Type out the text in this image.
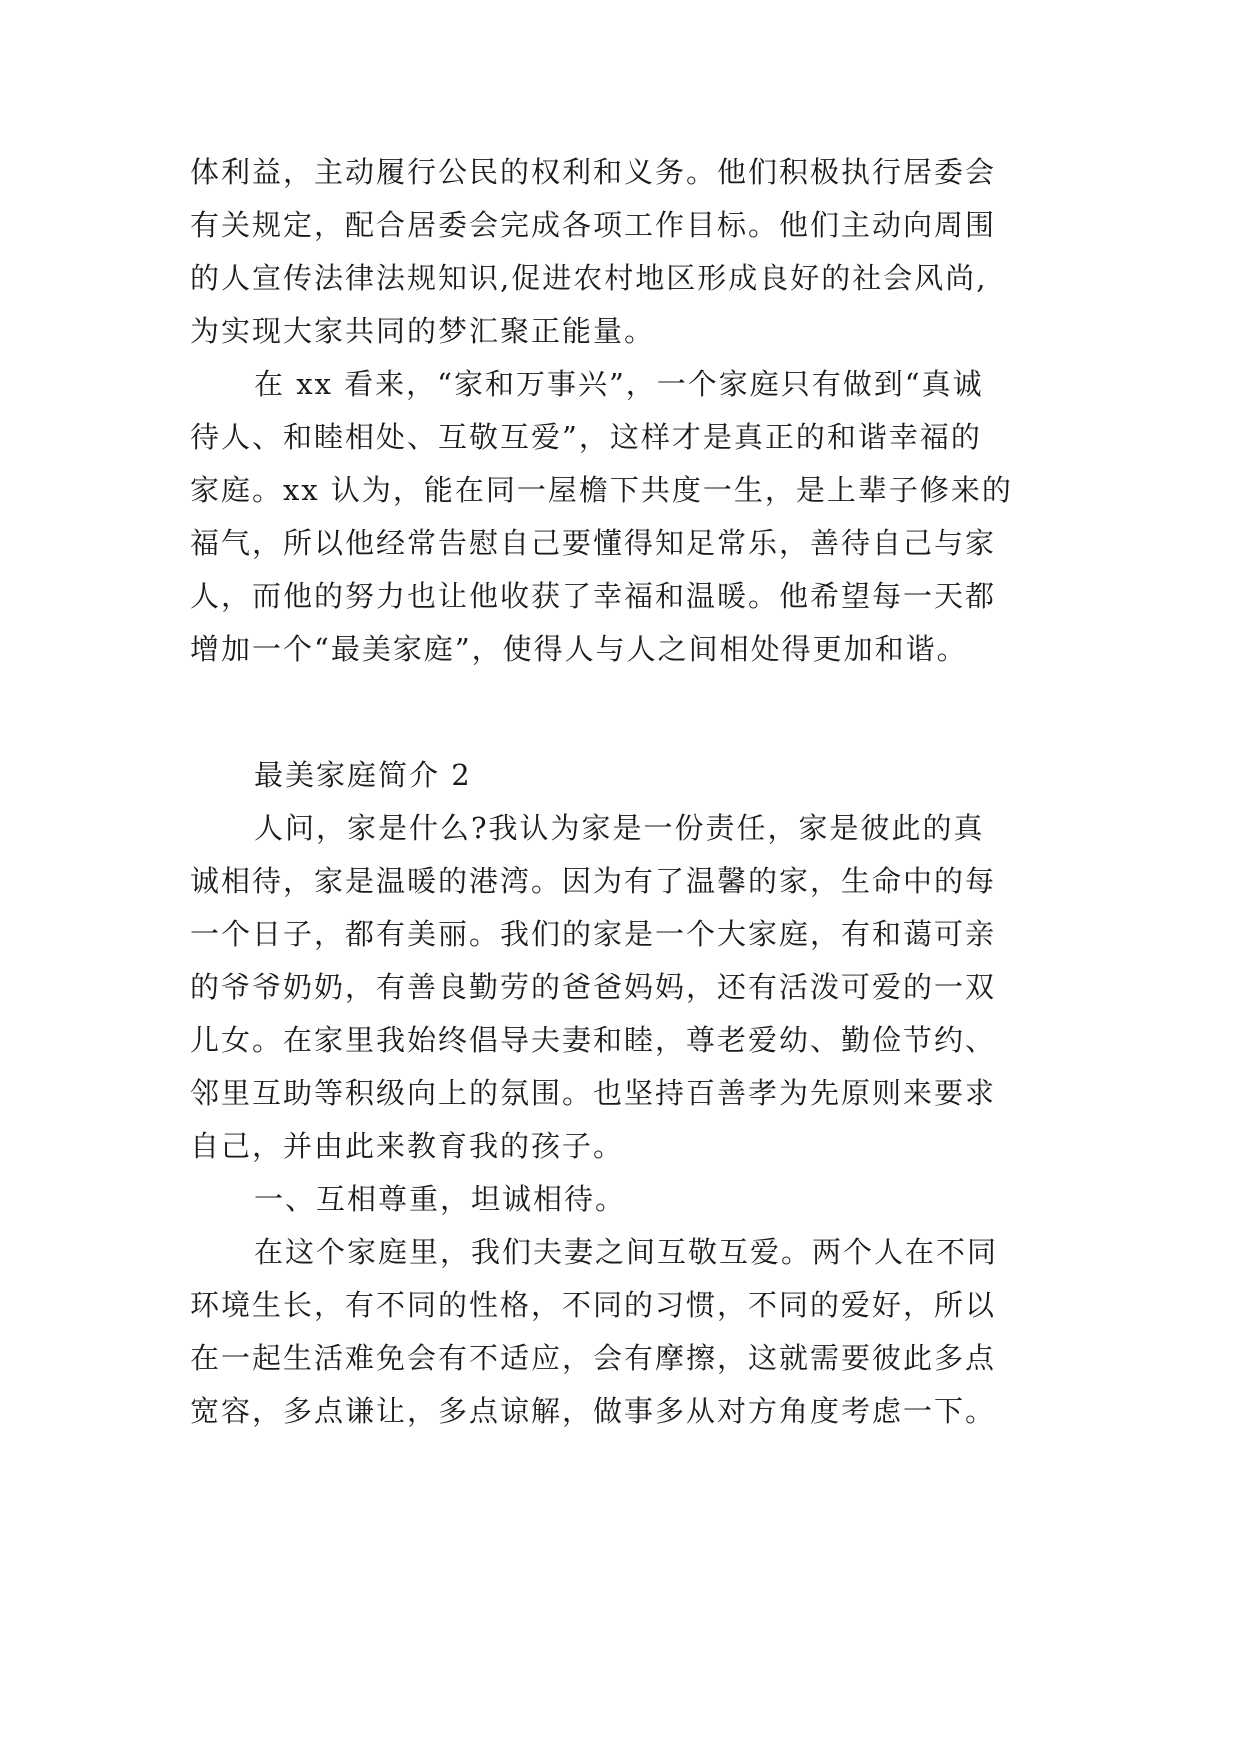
体利益，主动履行公民的权利和义务。他们积极执行居委会
有关规定，配合居委会完成各项工作目标。他们主动向周围
的人宣传法律法规知识,促进农村地区形成良好的社会风尚,
为实现大家共同的梦汇聚正能量。
在 xx 看来，“家和万事兴”，一个家庭只有做到“真诚
待人、和睦相处、互敬互爱”，这样才是真正的和谐幸福的
家庭。xx 认为，能在同一屋檐下共度一生，是上辈子修来的
福气，所以他经常告慰自己要懂得知足常乐，善待自己与家
人，而他的努力也让他收获了幸福和温暖。他希望每一天都
增加一个“最美家庭”，使得人与人之间相处得更加和谐。
最美家庭简介 2
人问，家是什么?我认为家是一份责任，家是彼此的真
诚相待，家是温暖的港湾。因为有了温馨的家，生命中的每
一个日子，都有美丽。我们的家是一个大家庭，有和蔼可亲
的爷爷奶奶，有善良勤劳的爸爸妈妈，还有活泼可爱的一双
儿女。在家里我始终倡导夫妻和睦，尊老爱幼、勤俭节约、
邻里互助等积级向上的氛围。也坚持百善孝为先原则来要求
自己，并由此来教育我的孩子。
一、互相尊重，坦诚相待。
在这个家庭里，我们夫妻之间互敬互爱。两个人在不同
环境生长，有不同的性格，不同的习惯，不同的爱好，所以
在一起生活难免会有不适应，会有摩擦，这就需要彼此多点
宽容，多点谦让，多点谅解，做事多从对方角度考虑一下。
